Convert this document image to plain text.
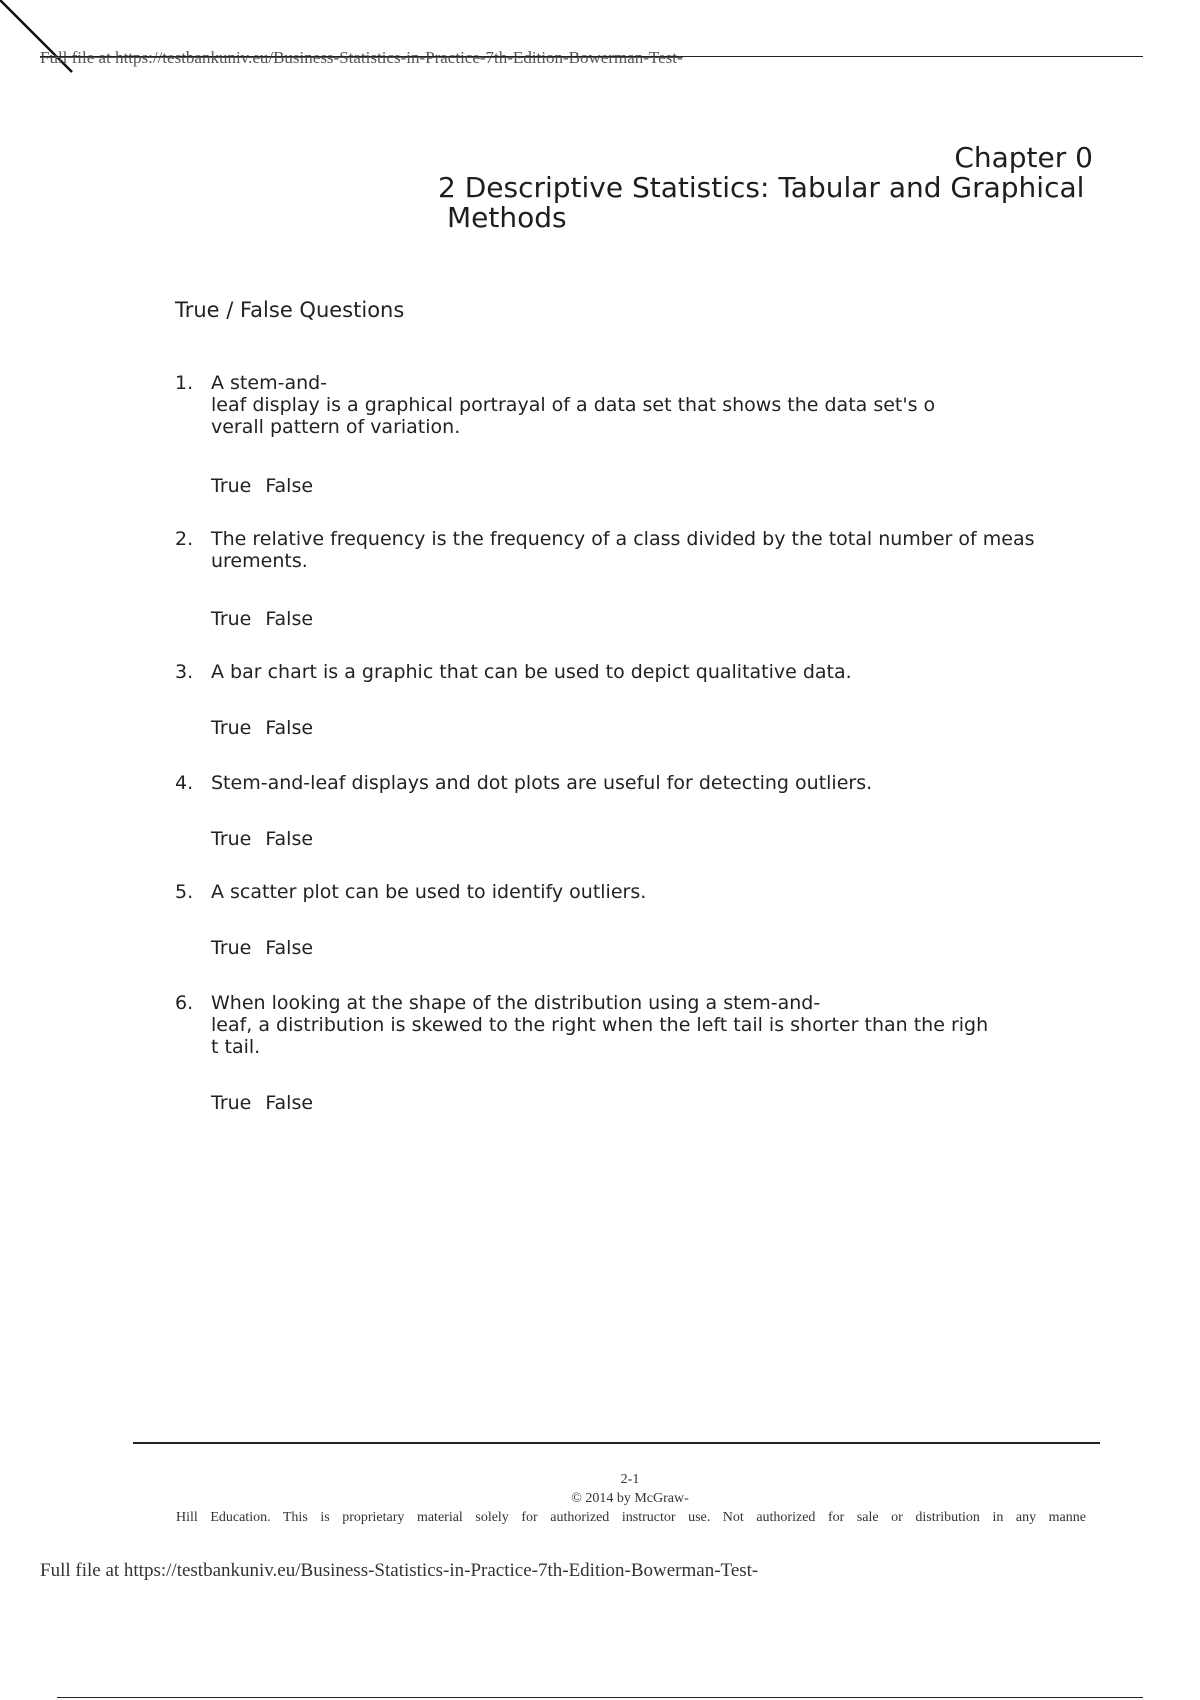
Full file at https://testbankuniv.eu/Business-Statistics-in-Practice-7th-Edition-Bowerman-Test-
Chapter 0
2 Descriptive Statistics: Tabular and Graphical
Methods
True / False Questions
1. A stem-and-
leaf display is a graphical portrayal of a data set that shows the data set's o
verall pattern of variation.
True False
2. The relative frequency is the frequency of a class divided by the total number of meas
urements.
True False
3. A bar chart is a graphic that can be used to depict qualitative data.
True False
4. Stem-and-leaf displays and dot plots are useful for detecting outliers.
True False
5. A scatter plot can be used to identify outliers.
True False
6. When looking at the shape of the distribution using a stem-and-
leaf, a distribution is skewed to the right when the left tail is shorter than the righ
t tail.
True False
2-1
© 2014 by McGraw-
Hill Education. This is proprietary material solely for authorized instructor use. Not authorized for sale or distribution in any manne
Full file at https://testbankuniv.eu/Business-Statistics-in-Practice-7th-Edition-Bowerman-Test-
